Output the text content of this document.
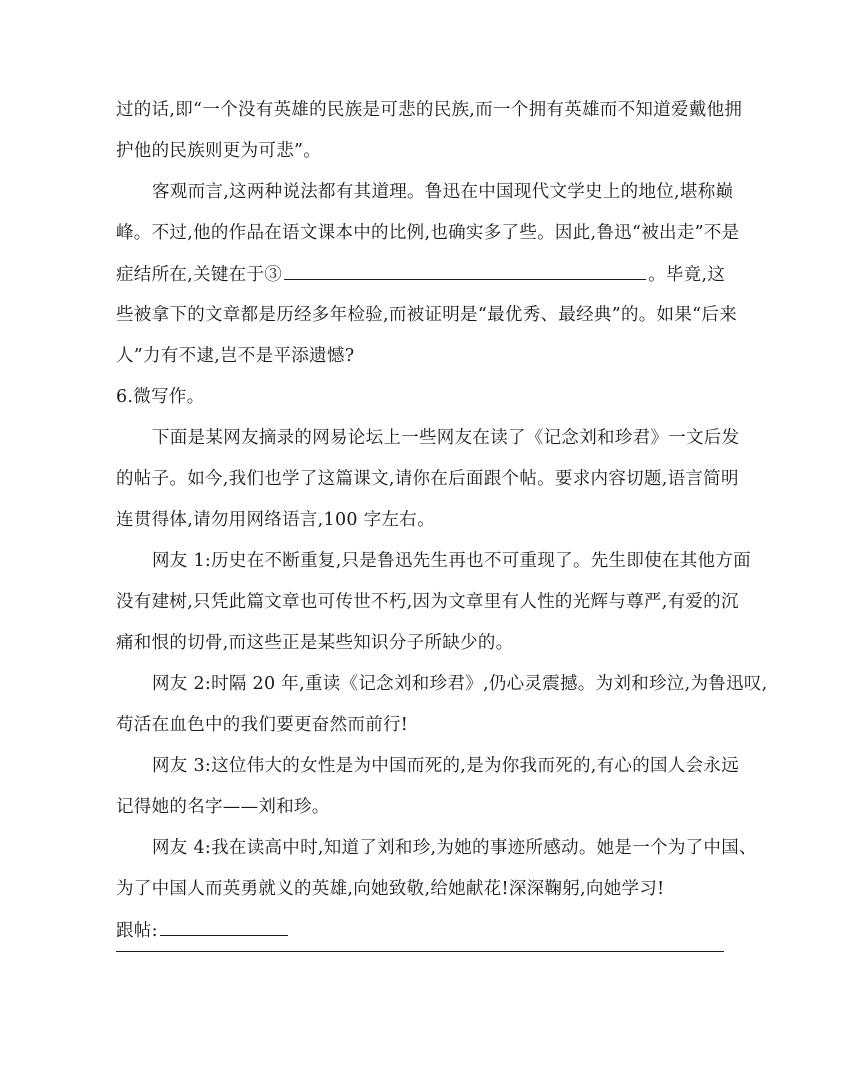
过的话,即“一个没有英雄的民族是可悲的民族,而一个拥有英雄而不知道爱戴他拥
护他的民族则更为可悲”。
客观而言,这两种说法都有其道理。鲁迅在中国现代文学史上的地位,堪称巅
峰。不过,他的作品在语文课本中的比例,也确实多了些。因此,鲁迅“被出走”不是
症结所在,关键在于③	。毕竟,这
些被拿下的文章都是历经多年检验,而被证明是“最优秀、最经典”的。如果“后来
人”力有不逮,岂不是平添遗憾?
6.微写作。
下面是某网友摘录的网易论坛上一些网友在读了《记念刘和珍君》一文后发
的帖子。如今,我们也学了这篇课文,请你在后面跟个帖。要求内容切题,语言简明
连贯得体,请勿用网络语言,100 字左右。
网友 1:历史在不断重复,只是鲁迅先生再也不可重现了。先生即使在其他方面
没有建树,只凭此篇文章也可传世不朽,因为文章里有人性的光辉与尊严,有爱的沉
痛和恨的切骨,而这些正是某些知识分子所缺少的。
网友 2:时隔 20 年,重读《记念刘和珍君》,仍心灵震撼。为刘和珍泣,为鲁迅叹,
苟活在血色中的我们要更奋然而前行!
网友 3:这位伟大的女性是为中国而死的,是为你我而死的,有心的国人会永远
记得她的名字——刘和珍。
网友 4:我在读高中时,知道了刘和珍,为她的事迹所感动。她是一个为了中国、
为了中国人而英勇就义的英雄,向她致敬,给她献花!深深鞠躬,向她学习!
跟帖:
